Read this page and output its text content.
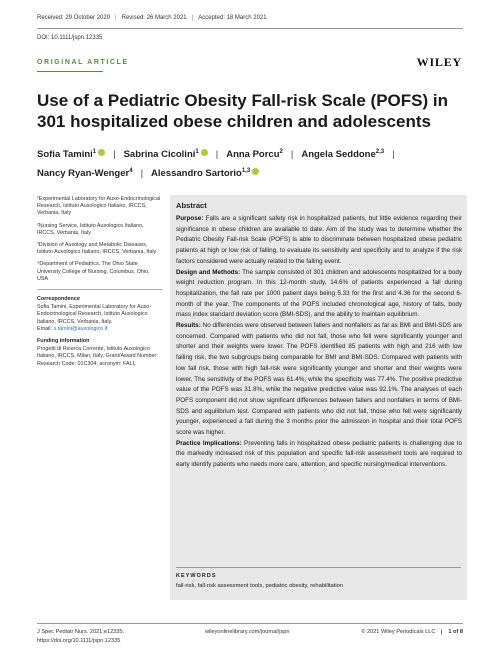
Received: 29 October 2020 | Revised: 26 March 2021 | Accepted: 18 March 2021
DOI: 10.1111/jspn.12335
ORIGINAL ARTICLE	WILEY
Use of a Pediatric Obesity Fall-risk Scale (POFS) in 301 hospitalized obese children and adolescents
Sofia Tamini$^1$ | Sabrina Cicolini$^1$ | Anna Porcu$^2$ | Angela Seddone$^{2,3}$ |
Nancy Ryan-Wenger$^4$ | Alessandro Sartorio$^{1,3}$

¹Experimental Laboratory for Auxo-Endocrinological Research, Istituto Auxologico Italiano, IRCCS, Verbania, Italy

²Nursing Service, Istituto Auxologico Italiano, IRCCS, Verbania, Italy

³Division of Auxology and Metabolic Diseases, Istituto Auxologico Italiano, IRCCS, Verbania, Italy

⁴Department of Pediatrics, The Ohio State University College of Nursing, Columbus, Ohio, USA

Correspondence

Sofia Tamini, Experimental Laboratory for Auxo-Endocrinological Research, Istituto Auxologico Italiano, IRCCS, Verbania, Italy.
Email: s.tamini@auxologico.it

Funding information

Progetti di Ricerca Corrente, Istituto Auxologico Italiano, IRCCS, Milan, Italy, Grant/Award Number: Research Code: 01C304; acronym: FALL

Abstract

Purpose: Falls are a significant safety risk in hospitalized patients, but little evidence regarding their significance in obese children are available to date. Aim of the study was to determine whether the Pediatric Obesity Fall-risk Scale (POFS) is able to discriminate between hospitalized obese pediatric patients at high or low risk of falling, to evaluate its sensitivity and specificity and to analyze if the risk factors considered were actually related to the falling event.

Design and Methods: The sample consisted of 301 children and adolescents hospitalized for a body weight reduction program. In this 12-month study, 14.6% of patients experienced a fall during hospitalization, the fall rate per 1000 patient days being 5.33 for the first and 4.36 for the second 6-month of the year. The components of the POFS included chronological age, history of falls, body mass index standard deviation score (BMI-SDS), and the ability to maintain equilibrium.

Results: No differences were observed between fallers and nonfallers as far as BMI and BMI-SDS are concerned. Compared with patients who did not fall, those who fell were significantly younger and shorter and their weights were lower. The POFS identified 85 patients with high and 216 with low falling risk, the two subgroups being comparable for BMI and BMI-SDS. Compared with patients with low fall risk, those with high fall-risk were significantly younger and shorter and their weights were lower. The sensitivity of the POFS was 61.4%, while the specificity was 77.4%. The positive predictive value of the POFS was 31.8%, while the negative predictive value was 92.1%. The analyses of each POFS component did not show significant differences between fallers and nonfallers in terms of BMI-SDS and equilibrium test. Compared with patients who did not fall, those who fell were significantly younger, experienced a fall during the 3 months prior the admission in hospital and their total POFS score was higher.

Practice Implications: Preventing falls in hospitalized obese pediatric patients is challenging due to the markedly increased risk of this population and specific fall-risk assessment tools are required to early identify patients who needs more care, attention, and specific nursing/medical interventions.

KEYWORDS
fall-risk, fall-risk assessment tools, pediatric obesity, rehabilitation
J Spec Pediatr Nurs. 2021;e12335.
https://doi.org/10.1111/jspn.12335
wileyonlinelibrary.com/journal/jspn	© 2021 Wiley Periodicals LLC 1 of 8
